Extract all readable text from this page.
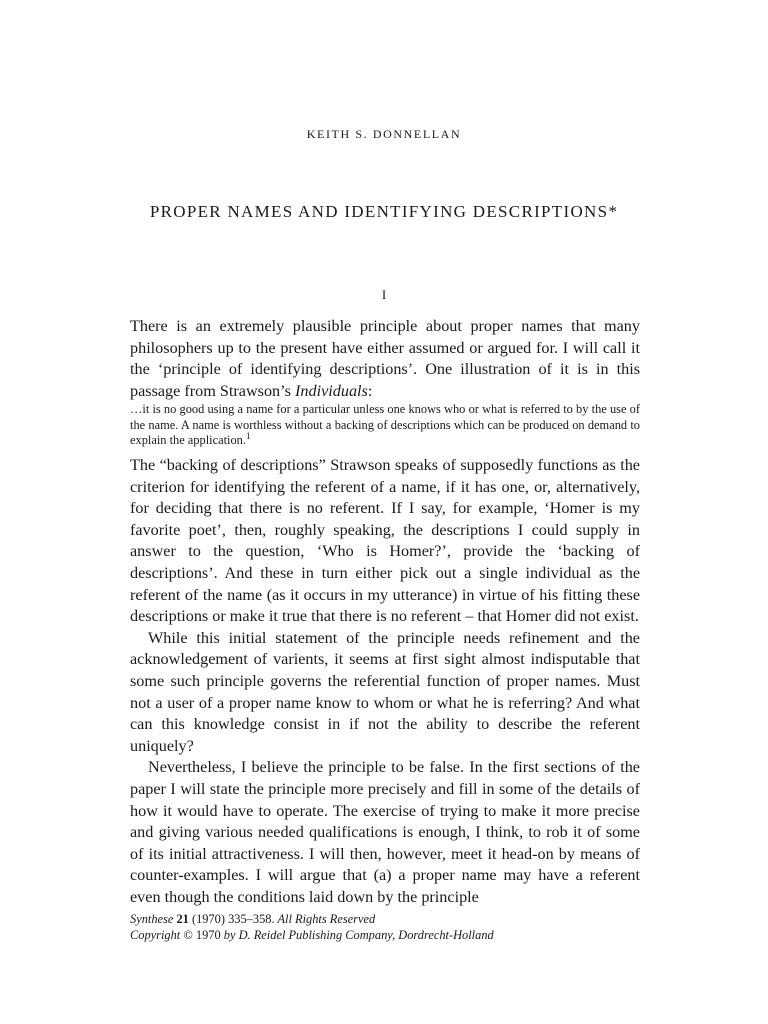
KEITH S. DONNELLAN
PROPER NAMES AND IDENTIFYING DESCRIPTIONS*
I

There is an extremely plausible principle about proper names that many philosophers up to the present have either assumed or argued for. I will call it the ‘principle of identifying descriptions’. One illustration of it is in this passage from Strawson’s Individuals:

…it is no good using a name for a particular unless one knows who or what is referred to by the use of the name. A name is worthless without a backing of descriptions which can be produced on demand to explain the application.$^1$

The “backing of descriptions” Strawson speaks of supposedly functions as the criterion for identifying the referent of a name, if it has one, or, alternatively, for deciding that there is no referent. If I say, for example, ‘Homer is my favorite poet’, then, roughly speaking, the descriptions I could supply in answer to the question, ‘Who is Homer?’, provide the ‘backing of descriptions’. And these in turn either pick out a single individual as the referent of the name (as it occurs in my utterance) in virtue of his fitting these descriptions or make it true that there is no referent – that Homer did not exist.

While this initial statement of the principle needs refinement and the acknowledgement of varients, it seems at first sight almost indisputable that some such principle governs the referential function of proper names. Must not a user of a proper name know to whom or what he is referring? And what can this knowledge consist in if not the ability to describe the referent uniquely?

Nevertheless, I believe the principle to be false. In the first sections of the paper I will state the principle more precisely and fill in some of the details of how it would have to operate. The exercise of trying to make it more precise and giving various needed qualifications is enough, I think, to rob it of some of its initial attractiveness. I will then, however, meet it head-on by means of counter-examples. I will argue that (a) a proper name may have a referent even though the conditions laid down by the principle

Synthese 21 (1970) 335–358. All Rights Reserved
Copyright © 1970 by D. Reidel Publishing Company, Dordrecht-Holland
